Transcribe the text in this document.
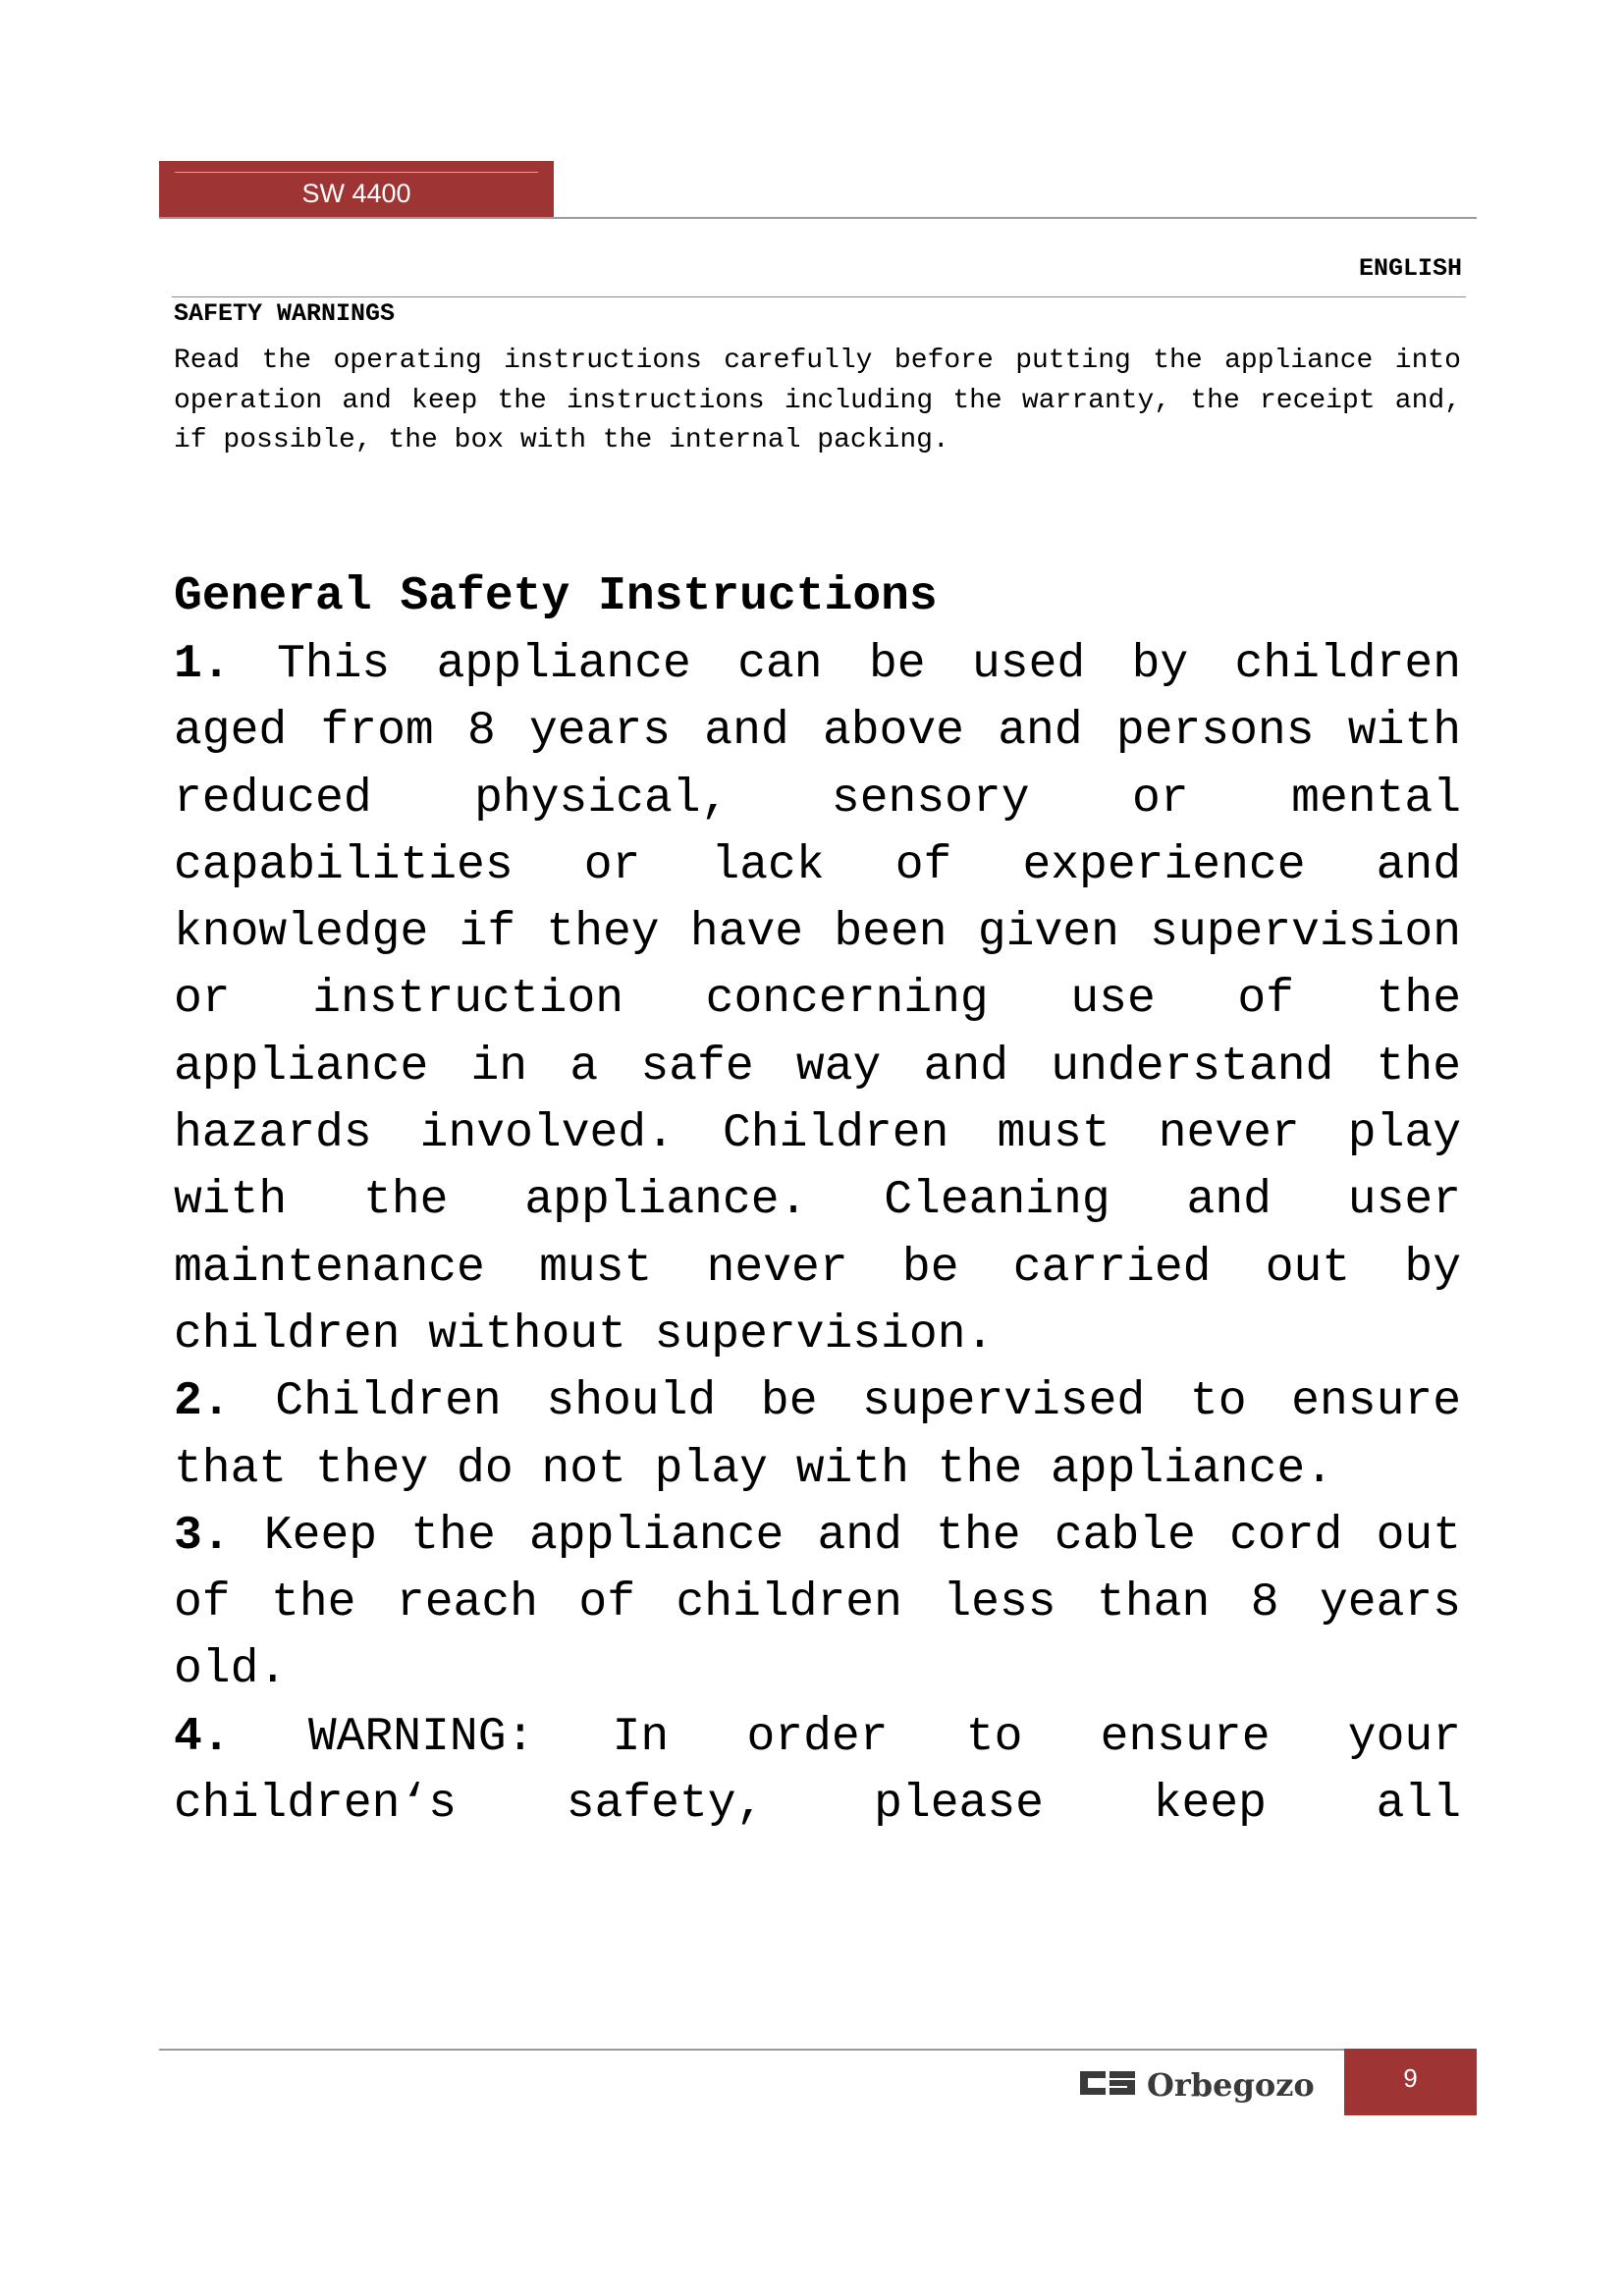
SW 4400
ENGLISH
SAFETY WARNINGS
Read the operating instructions carefully before putting the appliance into operation and keep the instructions including the warranty, the receipt and, if possible, the box with the internal packing.
General Safety Instructions

1. This appliance can be used by children aged from 8 years and above and persons with reduced physical, sensory or mental capabilities or lack of experience and knowledge if they have been given supervision or instruction concerning use of the appliance in a safe way and understand the hazards involved. Children must never play with the appliance. Cleaning and user maintenance must never be carried out by children without supervision.

2. Children should be supervised to ensure that they do not play with the appliance.

3. Keep the appliance and the cable cord out of the reach of children less than 8 years old.

4. WARNING: In order to ensure your children‘s safety, please keep all

Orbegozo	9
